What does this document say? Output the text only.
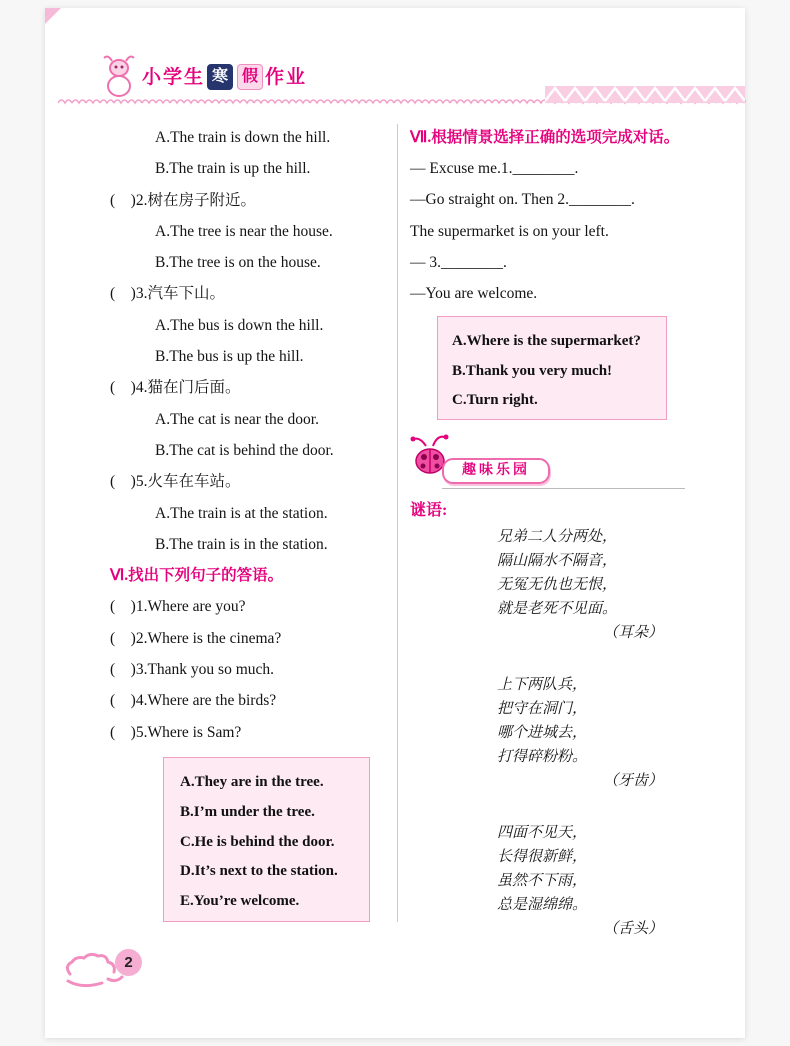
小学生 寒 假 作业
A.The train is down the hill.
B.The train is up the hill.
(    )2.树在房子附近。
A.The tree is near the house.
B.The tree is on the house.
(    )3.汽车下山。
A.The bus is down the hill.
B.The bus is up the hill.
(    )4.猫在门后面。
A.The cat is near the door.
B.The cat is behind the door.
(    )5.火车在车站。
A.The train is at the station.
B.The train is in the station.
Ⅵ.找出下列句子的答语。
(    )1.Where are you?
(    )2.Where is the cinema?
(    )3.Thank you so much.
(    )4.Where are the birds?
(    )5.Where is Sam?
A.They are in the tree.
B.I’m under the tree.
C.He is behind the door.
D.It’s next to the station.
E.You’re welcome.
Ⅶ.根据情景选择正确的选项完成对话。
— Excuse me.1.________.
—Go straight on. Then 2.________.
The supermarket is on your left.
— 3.________.
—You are welcome.
A.Where is the supermarket?
B.Thank you very much!
C.Turn right.
趣味乐园
谜语:
兄弟二人分两处，
隔山隔水不隔音，
无冤无仇也无恨，
就是老死不见面。
（耳朵）
上下两队兵，
把守在洞门，
哪个进城去，
打得碎粉粉。
（牙齿）
四面不见天，
长得很新鲜，
虽然不下雨，
总是湿绵绵。
（舌头）
2
